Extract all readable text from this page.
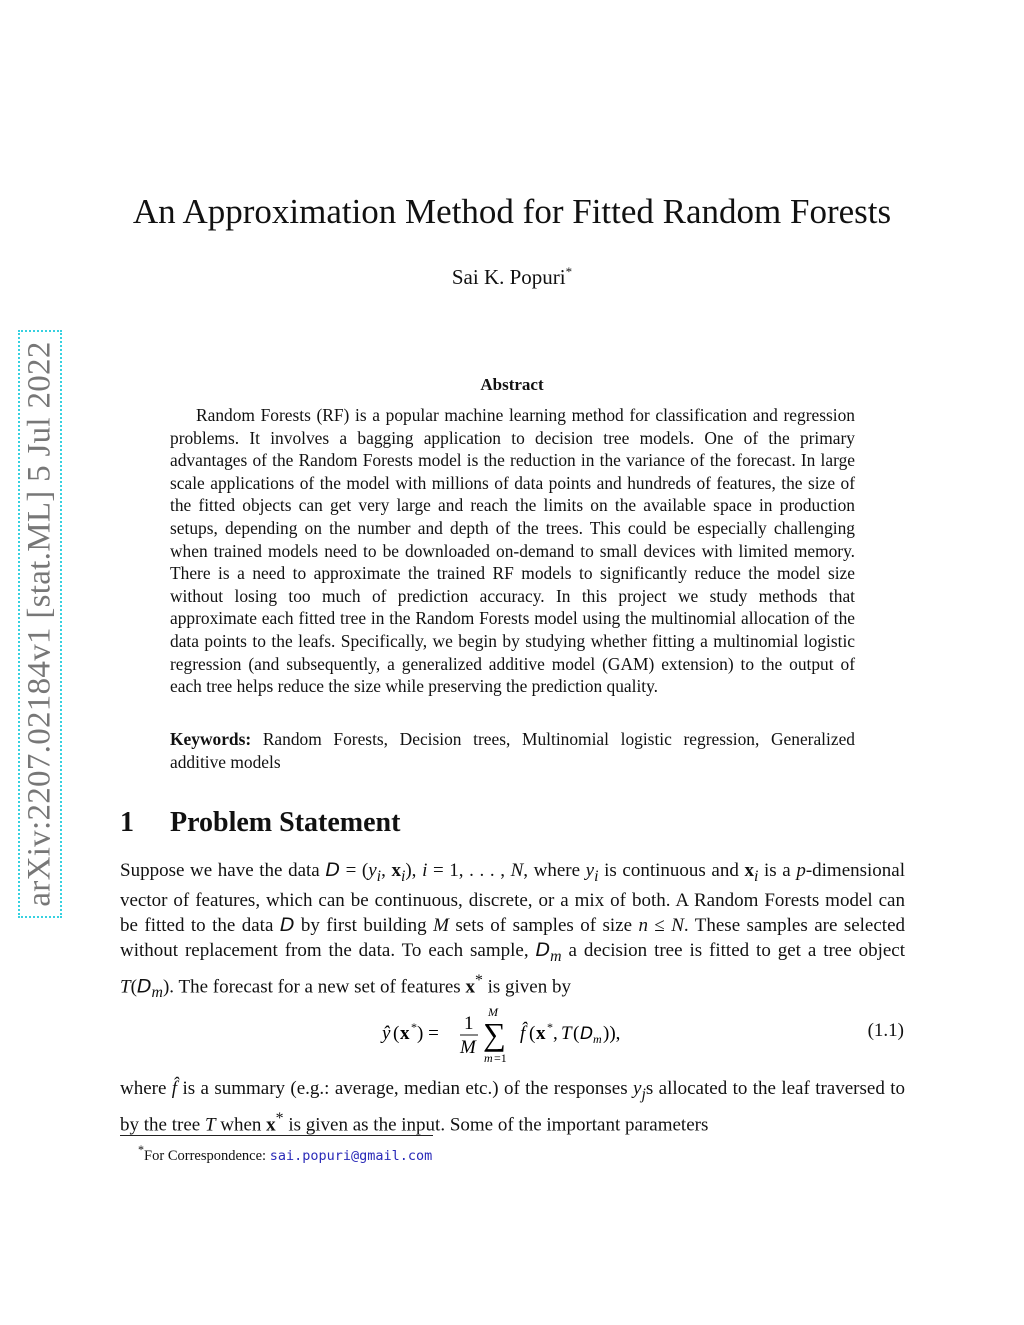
An Approximation Method for Fitted Random Forests
Sai K. Popuri*
arXiv:2207.02184v1 [stat.ML] 5 Jul 2022	Abstract

Random Forests (RF) is a popular machine learning method for classification and regression problems. It involves a bagging application to decision tree models. One of the primary advantages of the Random Forests model is the reduction in the variance of the forecast. In large scale applications of the model with millions of data points and hundreds of features, the size of the fitted objects can get very large and reach the limits on the available space in production setups, depending on the number and depth of the trees. This could be especially challenging when trained models need to be downloaded on-demand to small devices with limited memory. There is a need to approximate the trained RF models to significantly reduce the model size without losing too much of prediction accuracy. In this project we study methods that approximate each fitted tree in the Random Forests model using the multinomial allocation of the data points to the leafs. Specifically, we begin by studying whether fitting a multinomial logistic regression (and subsequently, a generalized additive model (GAM) extension) to the output of each tree helps reduce the size while preserving the prediction quality.

Keywords: Random Forests, Decision trees, Multinomial logistic regression, Generalized additive models

1 Problem Statement

Suppose we have the data $D = (y_i$, $x_i$), i = 1, . . . , N, where $y_i$ is continuous and $x_i$ is a p-dimensional vector of features, which can be continuous, discrete, or a mix of both. A Random Forests model can be fitted to the data D by first building M sets of samples of size n ≤ N. These samples are selected without replacement from the data. To each sample, $D_m$ a decision tree is fitted to get a tree object $T(D_m)$. The forecast for a new set of features x* is given by

ŷ ( x * ) = 1
M
M
∑
m =1
f̂ ( x * , T ( D m )),	(1.1)

where f̂ is a summary (e.g.: average, median etc.) of the responses $y_js$ allocated to the leaf traversed to by the tree T when x* is given as the input. Some of the important parameters

*For Correspondence: sai.popuri@gmail.com
